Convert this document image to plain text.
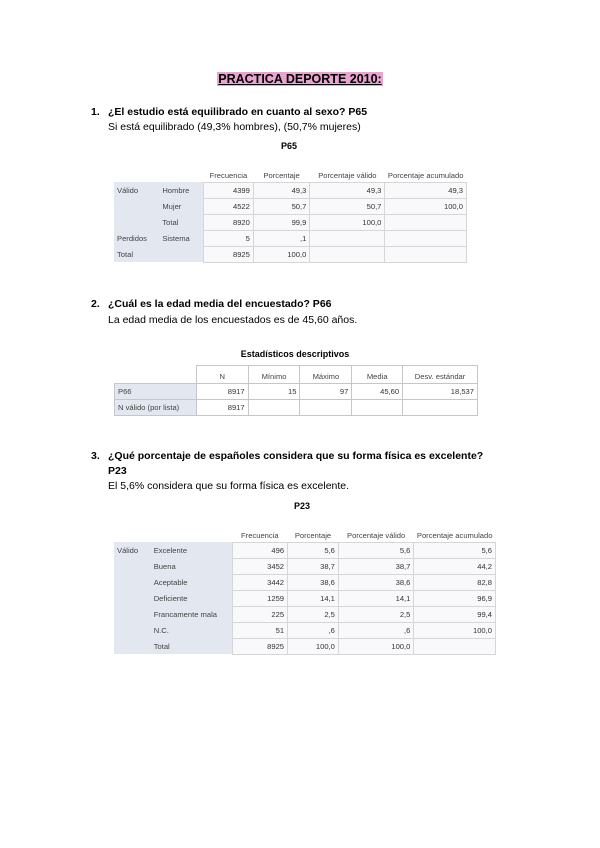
PRACTICA DEPORTE 2010:
1. ¿El estudio está equilibrado en cuanto al sexo? P65
Si está equilibrado (49,3% hombres), (50,7% mujeres)
P65
		Frecuencia	Porcentaje	Porcentaje válido	Porcentaje acumulado
Válido	Hombre	4399	49,3	49,3	49,3
	Mujer	4522	50,7	50,7	100,0
	Total	8920	99,9	100,0	
Perdidos	Sistema	5	,1		
Total		8925	100,0		
2. ¿Cuál es la edad media del encuestado? P66
La edad media de los encuestados es de 45,60 años.
Estadísticos descriptivos
	N	Mínimo	Máximo	Media	Desv. estándar
P66	8917	15	97	45,60	18,537
N válido (por lista)	8917				
3. ¿Qué porcentaje de españoles considera que su forma física es excelente?
P23
El 5,6% considera que su forma física es excelente.
P23
		Frecuencia	Porcentaje	Porcentaje válido	Porcentaje acumulado
Válido	Excelente	496	5,6	5,6	5,6
	Buena	3452	38,7	38,7	44,2
	Aceptable	3442	38,6	38,6	82,8
	Deficiente	1259	14,1	14,1	96,9
	Francamente mala	225	2,5	2,5	99,4
	N.C.	51	,6	,6	100,0
	Total	8925	100,0	100,0	
